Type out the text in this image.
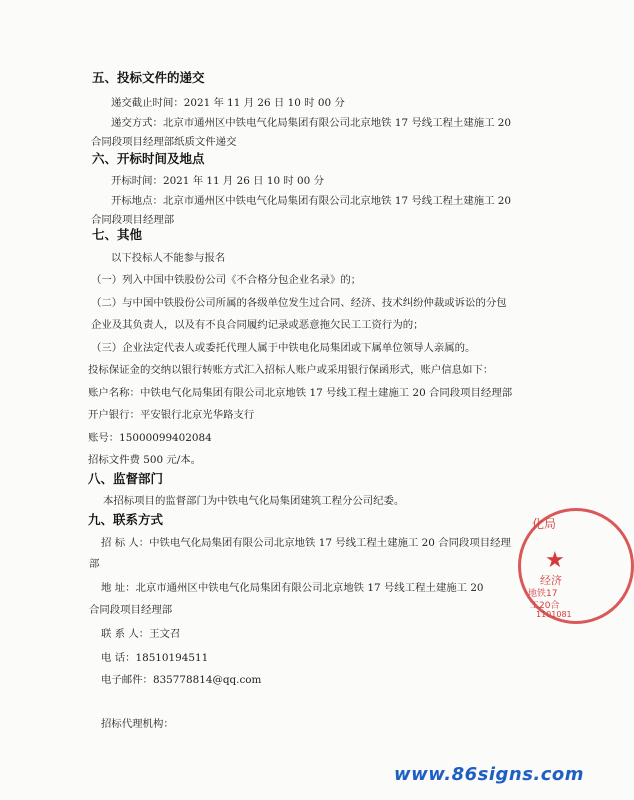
五、投标文件的递交
递交截止时间：2021 年 11 月 26 日 10 时 00 分
递交方式：北京市通州区中铁电气化局集团有限公司北京地铁 17 号线工程土建施工 20
合同段项目经理部纸质文件递交
六、开标时间及地点
开标时间：2021 年 11 月 26 日 10 时 00 分
开标地点：北京市通州区中铁电气化局集团有限公司北京地铁 17 号线工程土建施工 20
合同段项目经理部
七、其他
以下投标人不能参与报名
（一）列入中国中铁股份公司《不合格分包企业名录》的；
（二）与中国中铁股份公司所属的各级单位发生过合同、经济、技术纠纷仲裁或诉讼的分包
企业及其负责人，以及有不良合同履约记录或恶意拖欠民工工资行为的；
（三）企业法定代表人或委托代理人属于中铁电化局集团或下属单位领导人亲属的。
投标保证金的交纳以银行转账方式汇入招标人账户或采用银行保函形式，账户信息如下：
账户名称：中铁电气化局集团有限公司北京地铁 17 号线工程土建施工 20 合同段项目经理部
开户银行：平安银行北京光华路支行
账号：15000099402084
招标文件费 500 元/本。
八、监督部门
本招标项目的监督部门为中铁电气化局集团建筑工程分公司纪委。
九、联系方式
招 标 人：中铁电气化局集团有限公司北京地铁 17 号线工程土建施工 20 合同段项目经理
部
地 址：北京市通州区中铁电气化局集团有限公司北京地铁 17 号线工程土建施工 20
合同段项目经理部
联 系 人：王文召
电 话：18510194511
电子邮件：835778814@qq.com
招标代理机构：
化局
★
经济
地铁17
工20合
1101081
www.86signs.com
